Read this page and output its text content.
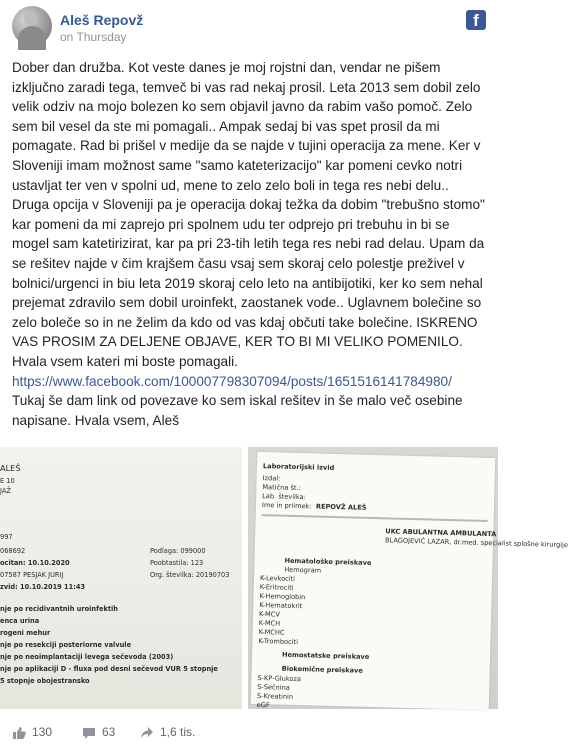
Aleš Repovž
on Thursday
f

Dober dan družba. Kot veste danes je moj rojstni dan, vendar ne pišem izključno zaradi tega, temveč bi vas rad nekaj prosil. Leta 2013 sem dobil zelo velik odziv na mojo bolezen ko sem objavil javno da rabim vašo pomoč. Zelo sem bil vesel da ste mi pomagali.. Ampak sedaj bi vas spet prosil da mi pomagate. Rad bi prišel v medije da se najde v tujini operacija za mene. Ker v Sloveniji imam možnost same "samo kateterizacijo" kar pomeni cevko notri ustavljat ter ven v spolni ud, mene to zelo zelo boli in tega res nebi delu.. Druga opcija v Sloveniji pa je operacija dokaj težka da dobim "trebušno stomo" kar pomeni da mi zaprejo pri spolnem udu ter odprejo pri trebuhu in bi se mogel sam katetirizirat, kar pa pri 23-tih letih tega res nebi rad delau. Upam da se rešitev najde v čim krajšem času vsaj sem skoraj celo polestje preživel v bolnici/urgenci in biu leta 2019 skoraj celo leto na antibijotiki, ker ko sem nehal prejemat zdravilo sem dobil uroinfekt, zaostanek vode.. Uglavnem bolečine so zelo boleče so in ne želim da kdo od vas kdaj občuti take bolečine. ISKRENO VAS PROSIM ZA DELJENE OBJAVE, KER TO BI MI VELIKO POMENILO. Hvala vsem kateri mi boste pomagali.

https://www.facebook.com/100007798307094/posts/1651516141784980/

Tukaj še dam link od povezave ko sem iskal rešitev in še malo več osebine napisane. Hvala vsem, Aleš

ALEŠ
E 10
JAŽ
997
068692
ocitan: 10.10.2020
07587 PESJAK JURIJ
zvid: 10.10.2019 11:43
Podlaga: 099000
Poobtastila: 123
Org. številka: 20190703
nje po recidivantnih uroinfektih
enca urina
rogeni mehur
nje po resekciji posteriorne valvule
nje po neoimplantaciji levega sečevoda (2003)
nje po aplikaciji D - fluxa pod desni sečevod VUR 5 stopnje
5 stopnje obojestransko
Laboratorijski izvid
Izdal:
Matična št.:
Lab. številka:
Ime in priimek: REPOVŽ ALEŠ
UKC ABULANTNA AMBULANTA
BLAGOJEVIĆ LAZAR, dr.med. specialist splošne kirurgije
Hematološke preiskave
Hemogram
K-Levkociti
K-Eritrociti
K-Hemoglobin
K-Hematokrit
K-MCV
K-MCH
K-MCHC
K-Trombociti
Hemostatske preiskave
Biokemične preiskave
S-KP-Glukoza
S-Sečnina
S-Kreatinin
eGF
130	63	1,6 tis.
